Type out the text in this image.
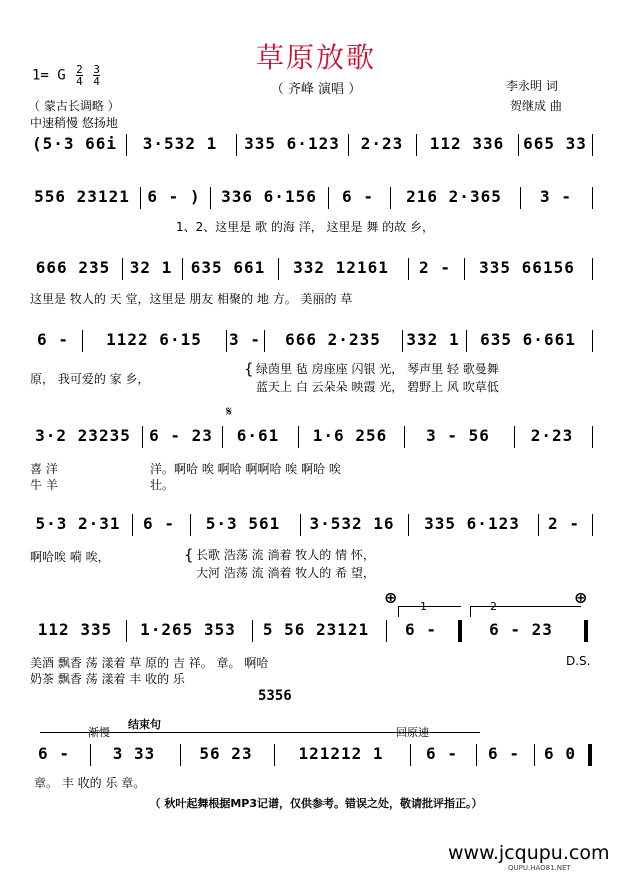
草原放歌
（ 齐峰 演唱 ）
1= G $\frac{2}{4} \frac{3}{4}$
（ 蒙古长调略 ）
中速稍慢 悠扬地
李永明 词
贺继成 曲
(5·3 66i	3·532 1	335 6·123	2·23	112 336	665 33
556 23121	6 - )	336 6·156	6 -	216 2·365	3 -
1、2、这里是 歌 的海 洋， 这里是 舞 的故 乡，
666 235	32 1	635 661	332 12161	2 -	335 66156
这里是 牧人的 天 堂，这里是 朋友 相聚的 地 方。 美丽的 草
6 -	1122 6·15	3 -	666 2·235	332 1	635 6·661
原， 我可爱的 家 乡，
{ 绿茵里 毡 房座座 闪银 光， 琴声里 轻 歌曼舞
蓝天上 白 云朵朵 映霞 光， 碧野上 风 吹草低
𝄋
3·2 23235	6 - 23	6·61	1·6 256	3 - 56	2·23
喜 洋
牛 羊
洋。啊哈 唉 啊哈 啊啊哈 唉 啊哈 唉
壮。
5·3 2·31	6 -	5·3 561	3·532 16	335 6·123	2 -
啊哈唉 嗬 唉，	{ 长歌 浩荡 流 淌着 牧人的 情 怀，
大河 浩荡 流 淌着 牧人的 希 望，
⊕	⊕
1	2
112 335	1·265 353	5 56 23121	6 -	6 - 23
美酒 飘香 荡 漾着 草 原的 吉 祥。 章。 啊哈
奶茶 飘香 荡 漾着 丰 收的 乐
D.S.
5356
渐慢
结束句
回原速
6 -	3 33	56 23	121212 1	6 -	6 -	6 0
章。 丰 收的 乐 章。
（ 秋叶起舞根据MP3记谱，仅供参考。错误之处，敬请批评指正。）
www.jcqupu.com
QUPU.HAO81.NET
